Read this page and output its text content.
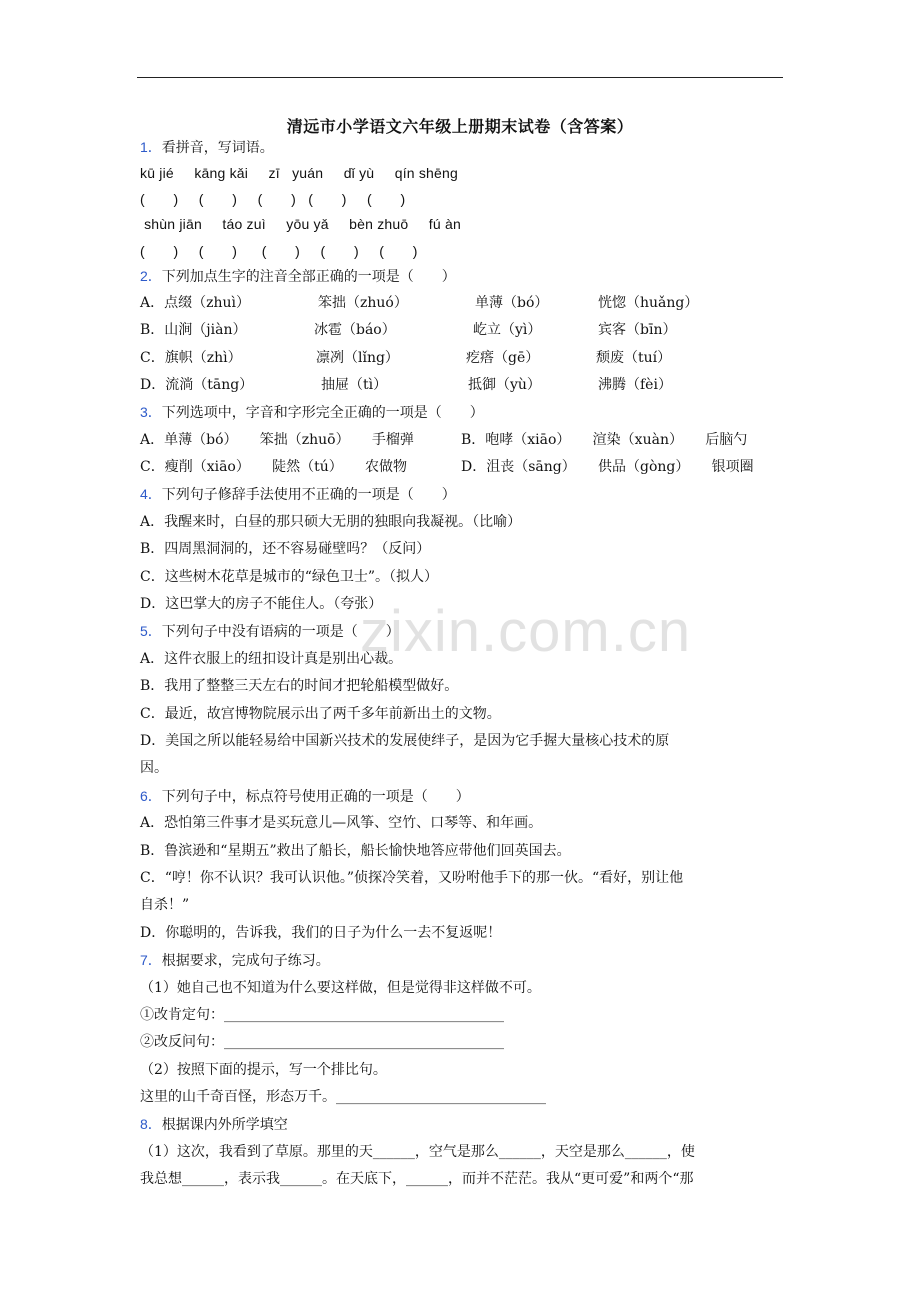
zixin.com.cn
清远市小学语文六年级上册期末试卷（含答案）
1．看拼音，写词语。
kū jié     kāng kǎi     zī   yuán     dǐ yù     qín shēng
(       )     (       )     (       )   (       )     (       )
shùn jiān     táo zuì     yōu yǎ     bèn zhuō     fú àn
(       )     (       )      (       )     (       )     (       )
2．下列加点生字的注音全部正确的一项是（　　）
A．点缀（zhuì）	笨拙（zhuó）	单薄（bó）	恍惚（huǎng）
B．山涧（jiàn）	冰雹（báo）	屹立（yì）	宾客（bīn）
C．旗帜（zhì）	凛冽（lǐng）	疙瘩（gē）	颓废（tuí）
D．流淌（tāng）	抽屉（tì）	抵御（yù）	沸腾（fèi）
3．下列选项中，字音和字形完全正确的一项是（　　）
A．单薄（bó）     笨拙（zhuō）     手榴弹	B．咆哮（xiāo）     渲染（xuàn）     后脑勺
C．瘦削（xiāo）     陡然（tú）     农做物	D．沮丧（sāng）     供品（gòng）     银项圈
4．下列句子修辞手法使用不正确的一项是（　　）
A．我醒来时，白昼的那只硕大无朋的独眼向我凝视。（比喻）
B．四周黑洞洞的，还不容易碰壁吗？（反问）
C．这些树木花草是城市的“绿色卫士”。（拟人）
D．这巴掌大的房子不能住人。（夸张）
5．下列句子中没有语病的一项是（　　）
A．这件衣服上的纽扣设计真是别出心裁。
B．我用了整整三天左右的时间才把轮船模型做好。
C．最近，故宫博物院展示出了两千多年前新出土的文物。
D．美国之所以能轻易给中国新兴技术的发展使绊子，是因为它手握大量核心技术的原
因。
6．下列句子中，标点符号使用正确的一项是（　　）
A．恐怕第三件事才是买玩意儿—风筝、空竹、口琴等、和年画。
B．鲁滨逊和“星期五”救出了船长，船长愉快地答应带他们回英国去。
C．“哼！你不认识？我可认识他。”侦探冷笑着，又吩咐他手下的那一伙。“看好，别让他
自杀！”
D．你聪明的，告诉我，我们的日子为什么一去不复返呢！
7．根据要求，完成句子练习。
（1）她自己也不知道为什么要这样做，但是觉得非这样做不可。
①改肯定句：________________________________________
②改反问句：________________________________________
（2）按照下面的提示，写一个排比句。
这里的山千奇百怪，形态万千。______________________________
8．根据课内外所学填空
（1）这次，我看到了草原。那里的天______，空气是那么______，天空是那么______，使
我总想______，表示我______。在天底下，______，而并不茫茫。我从“更可爱”和两个“那
